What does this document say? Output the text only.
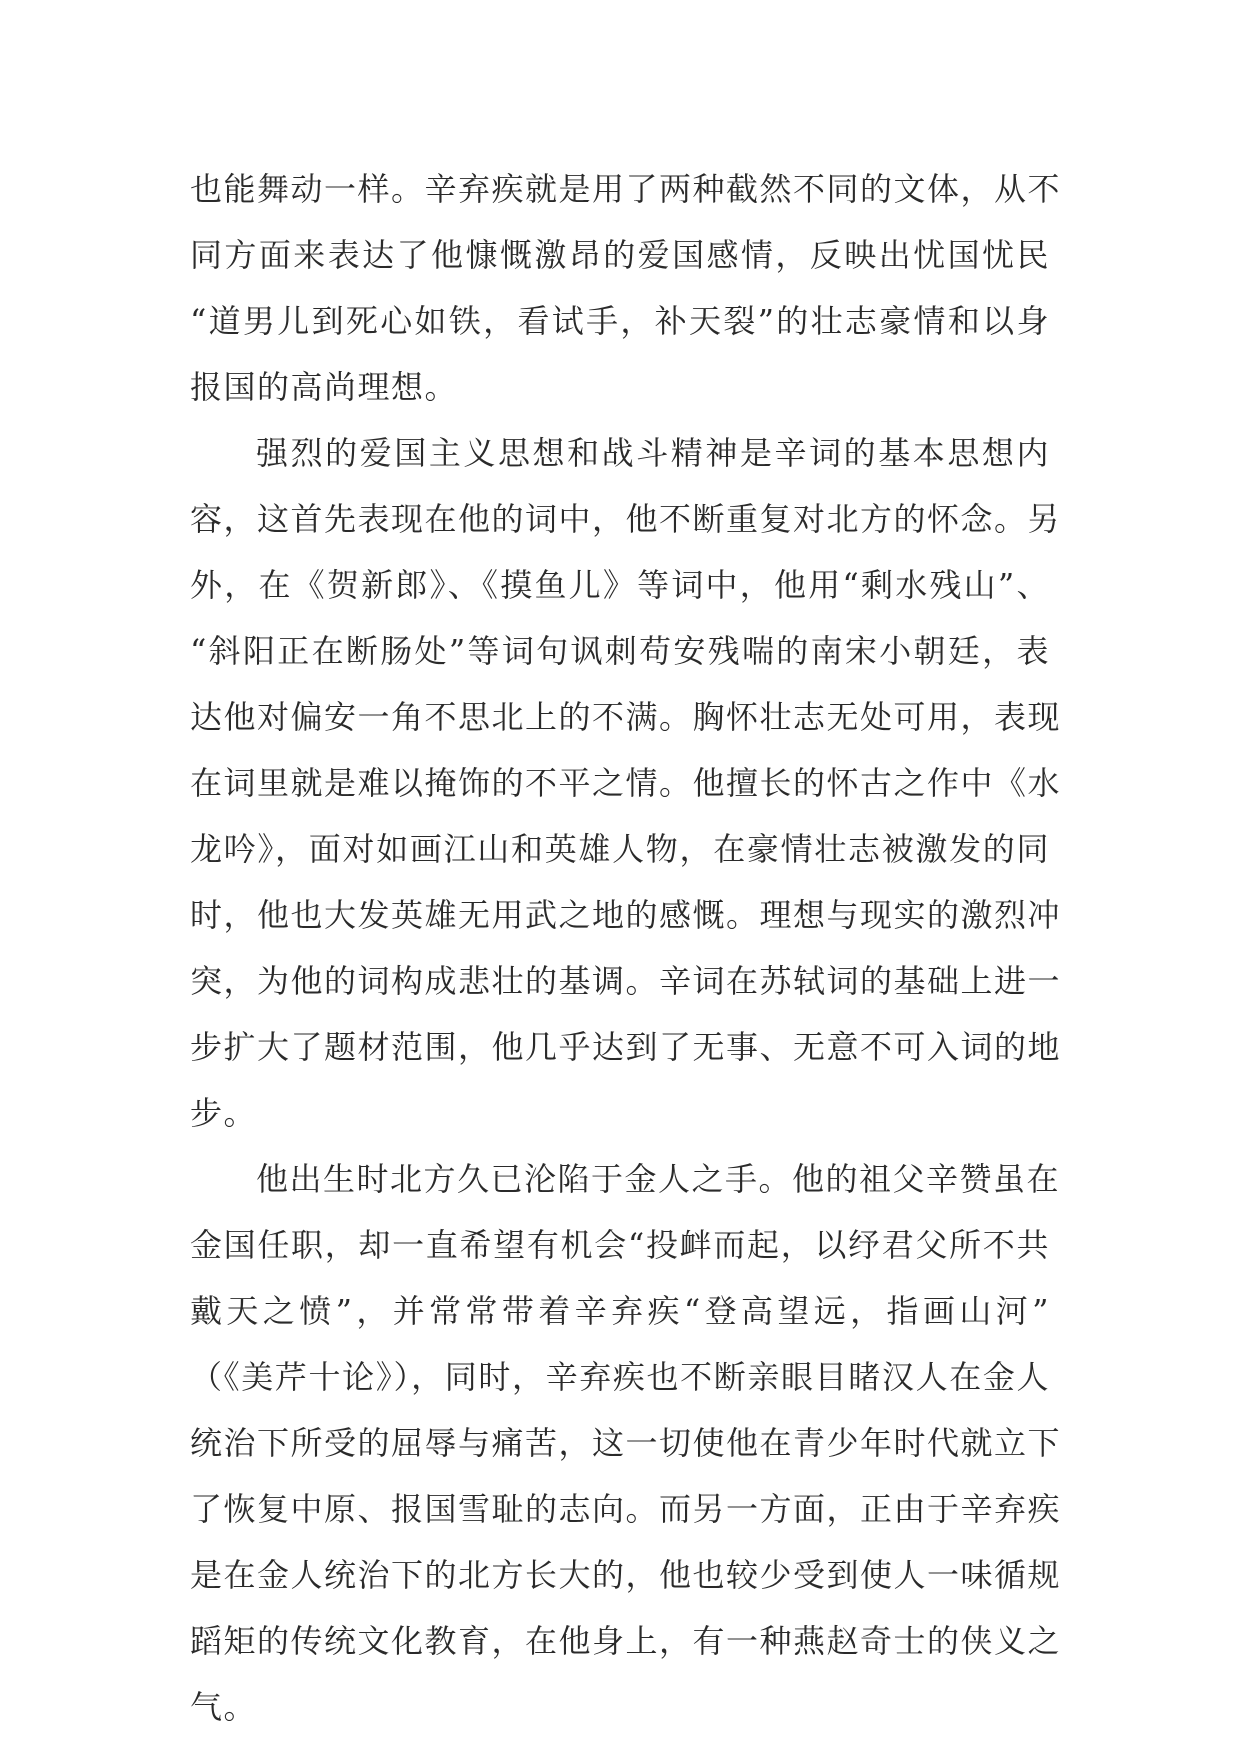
也能舞动一样。辛弃疾就是用了两种截然不同的文体，从不
同方面来表达了他慷慨激昂的爱国感情，反映出忧国忧民
“道男儿到死心如铁，看试手，补天裂”的壮志豪情和以身
报国的高尚理想。
强烈的爱国主义思想和战斗精神是辛词的基本思想内
容，这首先表现在他的词中，他不断重复对北方的怀念。另
外，在《贺新郎》、《摸鱼儿》等词中，他用“剩水残山”、
“斜阳正在断肠处”等词句讽刺苟安残喘的南宋小朝廷，表
达他对偏安一角不思北上的不满。胸怀壮志无处可用，表现
在词里就是难以掩饰的不平之情。他擅长的怀古之作中《水
龙吟》，面对如画江山和英雄人物，在豪情壮志被激发的同
时，他也大发英雄无用武之地的感慨。理想与现实的激烈冲
突，为他的词构成悲壮的基调。辛词在苏轼词的基础上进一
步扩大了题材范围，他几乎达到了无事、无意不可入词的地
步。
他出生时北方久已沦陷于金人之手。他的祖父辛赞虽在
金国任职，却一直希望有机会“投衅而起，以纾君父所不共
戴天之愤”，并常常带着辛弃疾“登高望远，指画山河”
（《美芹十论》），同时，辛弃疾也不断亲眼目睹汉人在金人
统治下所受的屈辱与痛苦，这一切使他在青少年时代就立下
了恢复中原、报国雪耻的志向。而另一方面，正由于辛弃疾
是在金人统治下的北方长大的，他也较少受到使人一味循规
蹈矩的传统文化教育，在他身上，有一种燕赵奇士的侠义之
气。
